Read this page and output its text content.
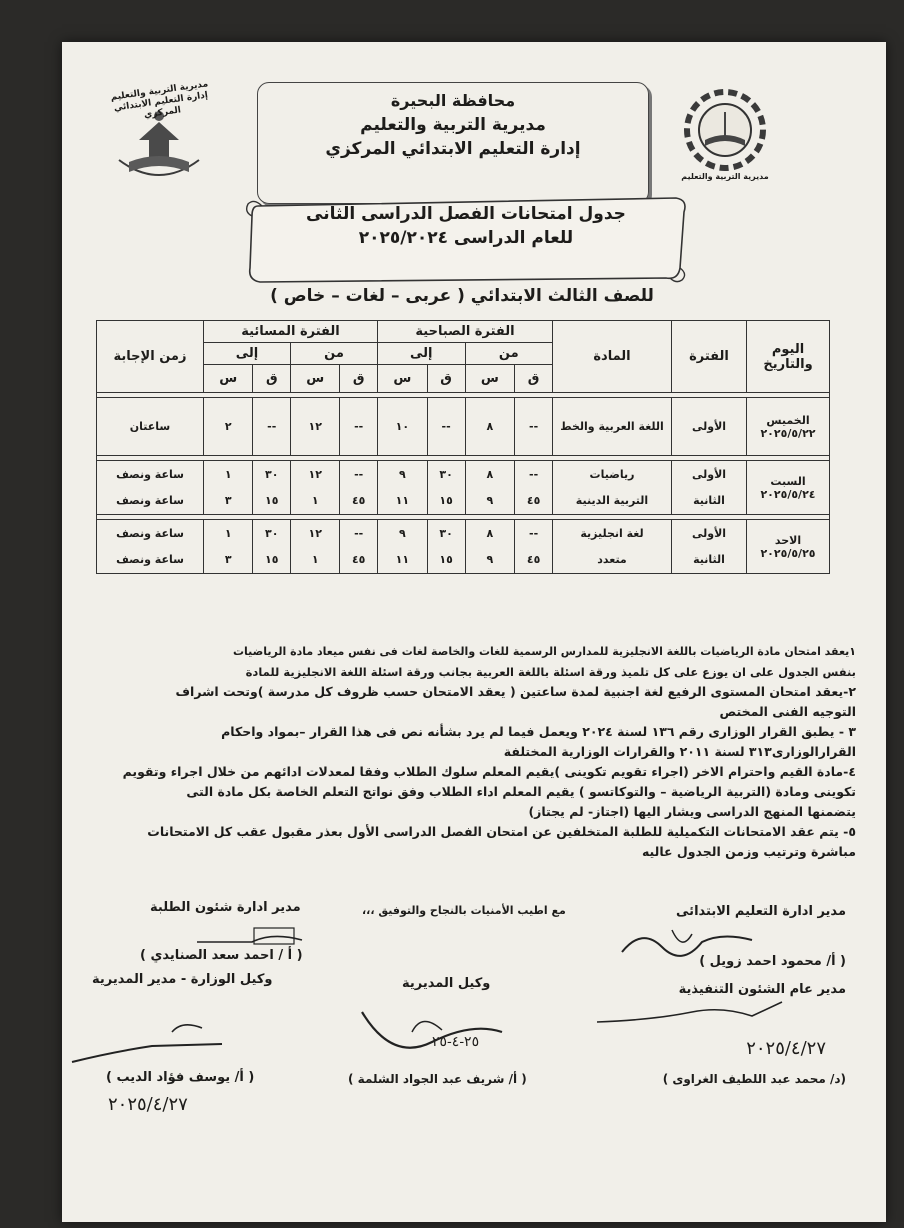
مديرية التربية والتعليم إدارة التعليم الابتدائي المركزي
مديرية التربية والتعليم
محافظة البحيرة
مديرية التربية والتعليم
إدارة التعليم الابتدائي المركزي
جدول امتحانات الفصل الدراسى الثانى
للعام الدراسى ٢٠٢٥/٢٠٢٤
للصف الثالث الابتدائي ( عربى – لغات – خاص )
اليوم والتاريخ	الفترة	المادة	الفترة الصباحية				الفترة المسائية				زمن الإجابة
			من		إلى		من		إلى		
			ق	س	ق	س	ق	س	ق	س	

الخميس
٢٠٢٥/٥/٢٢	الأولى	اللغة العربية والخط	--	٨	--	١٠	--	١٢	--	٢	ساعتان

السبت
٢٠٢٥/٥/٢٤	الأولى	رياضيات	--	٨	٣٠	٩	--	١٢	٣٠	١	ساعة ونصف
	الثانية	التربية الدينية	٤٥	٩	١٥	١١	٤٥	١	١٥	٣	ساعة ونصف

الاحد
٢٠٢٥/٥/٢٥	الأولى	لغة انجليزية	--	٨	٣٠	٩	--	١٢	٣٠	١	ساعة ونصف
	الثانية	متعدد	٤٥	٩	١٥	١١	٤٥	١	١٥	٣	ساعة ونصف

١يعقد امتحان مادة الرياضيات باللغة الانجليزية للمدارس الرسمية للغات والخاصة لغات فى نفس ميعاد مادة الرياضيات

بنفس الجدول على ان يوزع على كل تلميذ ورقة اسئلة باللغة العربية بجانب ورقة اسئلة اللغة الانجليزية للمادة

٢-يعقد امتحان المستوى الرفيع لغة اجنبية لمدة ساعتين ( يعقد الامتحان حسب ظروف كل مدرسة )وتحت اشراف

التوجيه الفنى المختص

٣ - يطبق القرار الوزارى رقم ١٣٦ لسنة ٢٠٢٤ ويعمل فيما لم يرد بشأنه نص فى هذا القرار –بمواد واحكام

القرارالوزارى٣١٣ لسنة ٢٠١١ والقرارات الوزارية المختلفة

٤-مادة القيم واحترام الاخر (اجراء تقويم تكوينى )يقيم المعلم سلوك الطلاب وفقا لمعدلات ادائهم من خلال اجراء وتقويم

تكوينى ومادة (التربية الرياضية – والتوكاتسو ) يقيم المعلم اداء الطلاب وفق نواتج التعلم الخاصة بكل مادة التى

يتضمنها المنهج الدراسى ويشار اليها (اجتاز- لم يجتاز)

٥- يتم عقد الامتحانات التكميلية للطلبة المتخلفين عن امتحان الفصل الدراسى الأول بعذر مقبول عقب كل الامتحانات

مباشرة وترتيب وزمن الجدول عاليه

مع اطيب الأمنيات بالنجاح والتوفيق ،،،	مدير ادارة التعليم الابتدائى
( أ/ محمود احمد زويل )
مدير عام الشئون التنفيذية
(د/ محمد عبد اللطيف الغراوى )
٢٠٢٥/٤/٢٧
مدير ادارة شئون الطلبة
( أ / احمد سعد الصنايدي )
وكيل الوزارة - مدير المديرية
( أ/ يوسف فؤاد الديب )
٢٠٢٥/٤/٢٧
وكيل المديرية
( أ/ شريف عبد الجواد الشلمة )
٢٥-٤-٢٥
